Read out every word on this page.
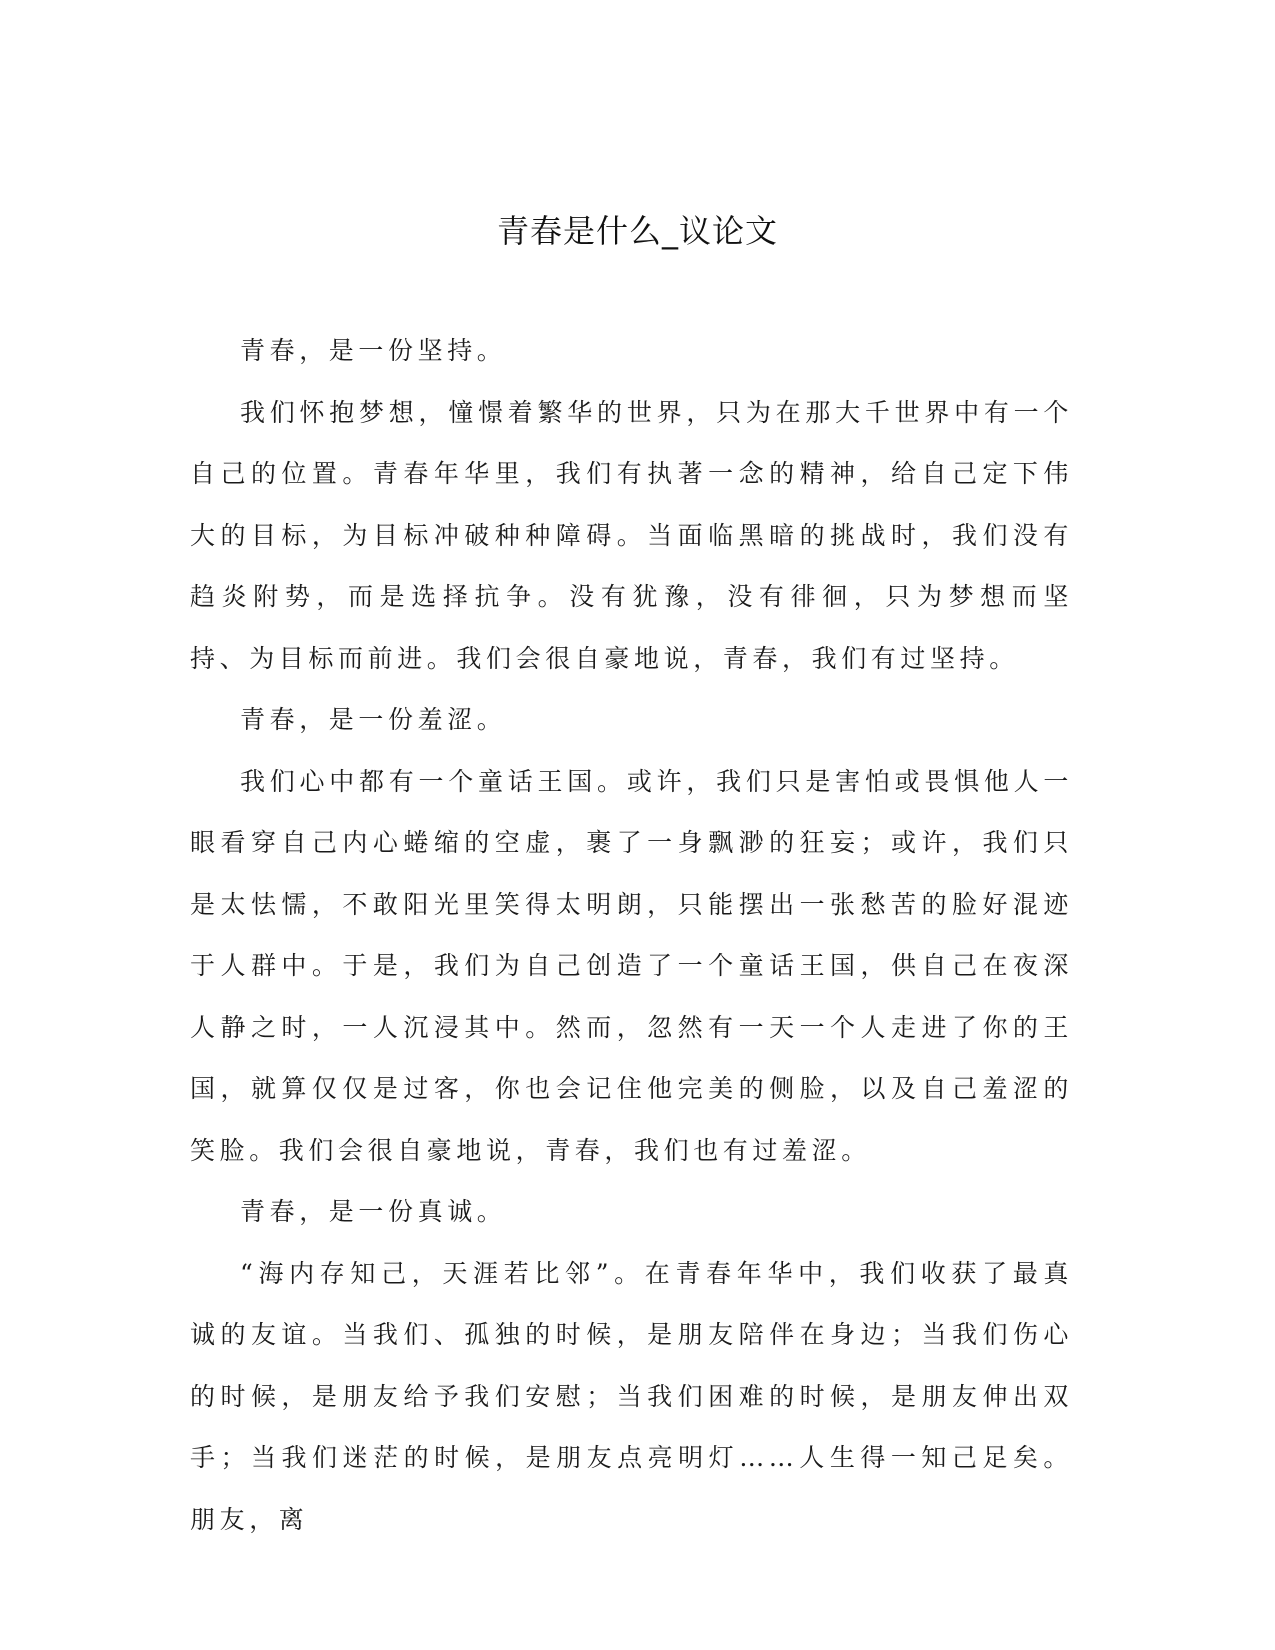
青春是什么_议论文

青春，是一份坚持。

我们怀抱梦想，憧憬着繁华的世界，只为在那大千世界中有一个自己的位置。青春年华里，我们有执著一念的精神，给自己定下伟大的目标，为目标冲破种种障碍。当面临黑暗的挑战时，我们没有趋炎附势，而是选择抗争。没有犹豫，没有徘徊，只为梦想而坚持、为目标而前进。我们会很自豪地说，青春，我们有过坚持。

青春，是一份羞涩。

我们心中都有一个童话王国。或许，我们只是害怕或畏惧他人一眼看穿自己内心蜷缩的空虚，裹了一身飘渺的狂妄；或许，我们只是太怯懦，不敢阳光里笑得太明朗，只能摆出一张愁苦的脸好混迹于人群中。于是，我们为自己创造了一个童话王国，供自己在夜深人静之时，一人沉浸其中。然而，忽然有一天一个人走进了你的王国，就算仅仅是过客，你也会记住他完美的侧脸，以及自己羞涩的笑脸。我们会很自豪地说，青春，我们也有过羞涩。

青春，是一份真诚。

“海内存知己，天涯若比邻”。在青春年华中，我们收获了最真诚的友谊。当我们、孤独的时候，是朋友陪伴在身边；当我们伤心的时候，是朋友给予我们安慰；当我们困难的时候，是朋友伸出双手；当我们迷茫的时候，是朋友点亮明灯……人生得一知己足矣。朋友，离
